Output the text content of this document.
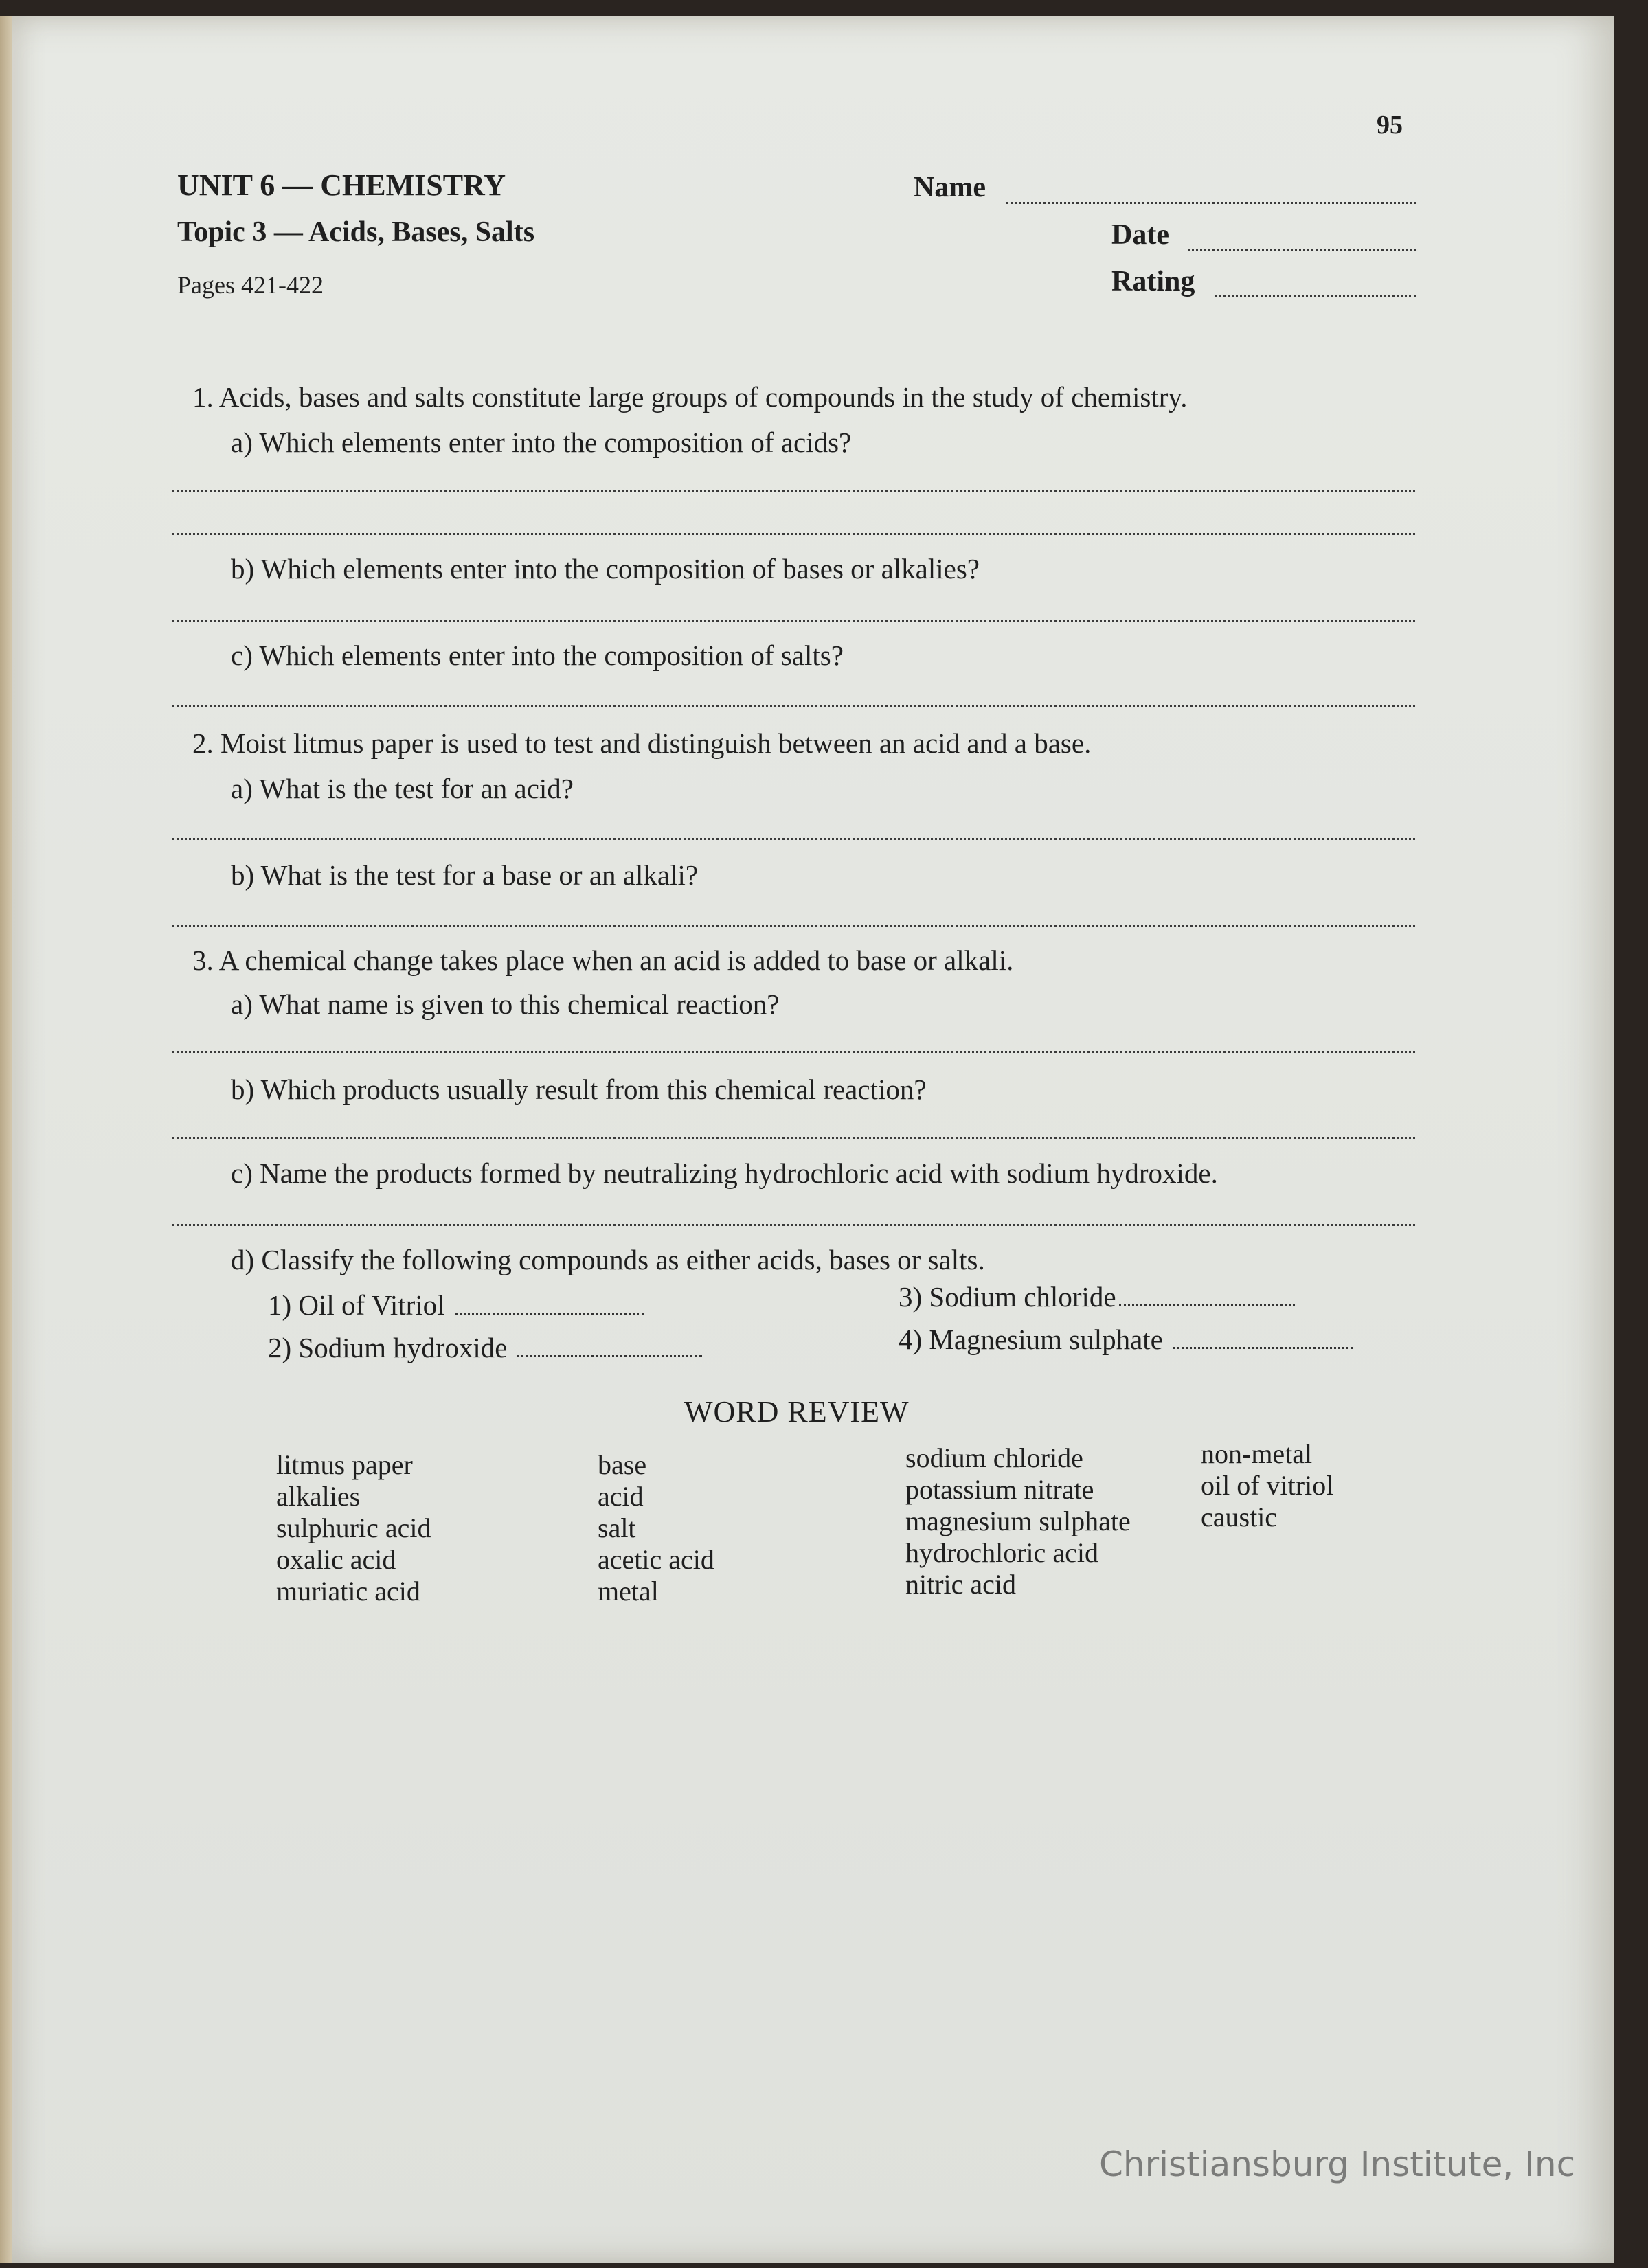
95
UNIT 6 — CHEMISTRY
Topic 3 — Acids, Bases, Salts
Pages 421-422
Name
Date
Rating
1. Acids, bases and salts constitute large groups of compounds in the study of chemistry.
a) Which elements enter into the composition of acids?
b) Which elements enter into the composition of bases or alkalies?
c) Which elements enter into the composition of salts?
2. Moist litmus paper is used to test and distinguish between an acid and a base.
a) What is the test for an acid?
b) What is the test for a base or an alkali?
3. A chemical change takes place when an acid is added to base or alkali.
a) What name is given to this chemical reaction?
b) Which products usually result from this chemical reaction?
c) Name the products formed by neutralizing hydrochloric acid with sodium hydroxide.
d) Classify the following compounds as either acids, bases or salts.
1) Oil of Vitriol
2) Sodium hydroxide
3) Sodium chloride
4) Magnesium sulphate
WORD REVIEW
litmus paper
alkalies
sulphuric acid
oxalic acid
muriatic acid
base
acid
salt
acetic acid
metal
sodium chloride
potassium nitrate
magnesium sulphate
hydrochloric acid
nitric acid
non-metal
oil of vitriol
caustic
Christiansburg Institute, Inc
